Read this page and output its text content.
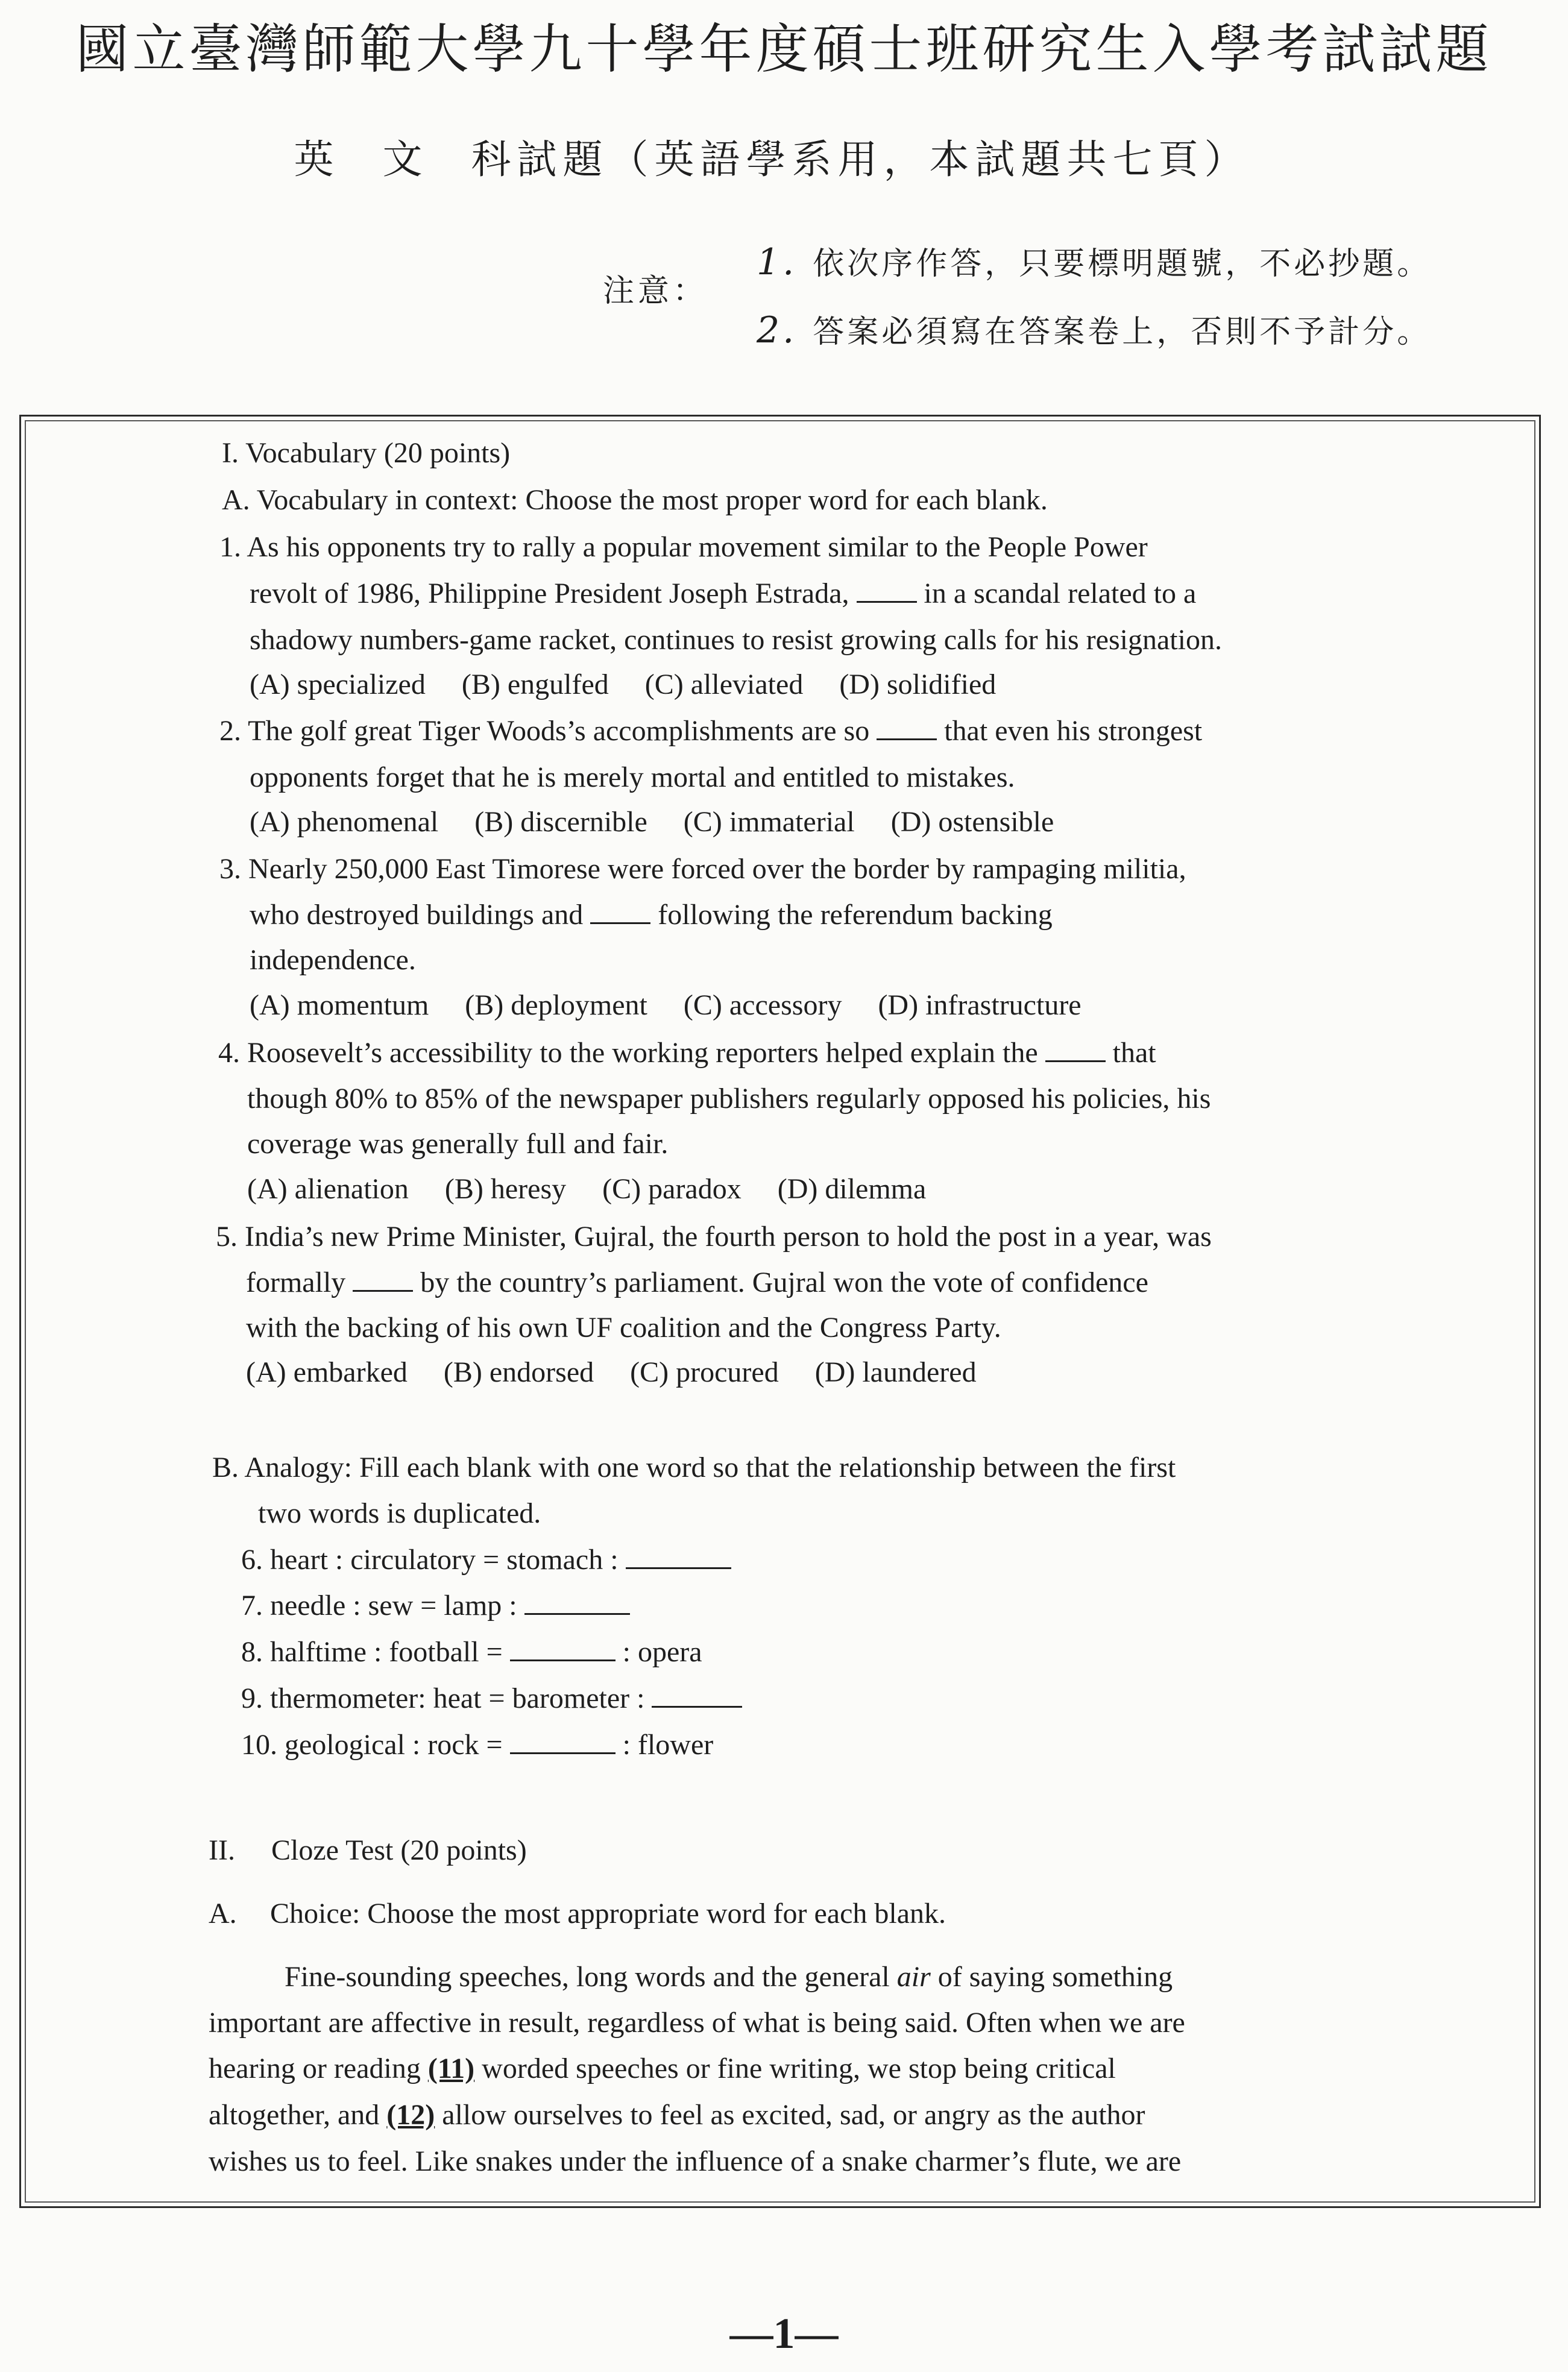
國立臺灣師範大學九十學年度碩士班研究生入學考試試題
英 文 科試題（英語學系用，本試題共七頁）
注意：
1. 依次序作答，只要標明題號，不必抄題。
2. 答案必須寫在答案卷上，否則不予計分。
I. Vocabulary (20 points)
A. Vocabulary in context: Choose the most proper word for each blank.
1. As his opponents try to rally a popular movement similar to the People Power
revolt of 1986, Philippine President Joseph Estrada,	in a scandal related to a
shadowy numbers-game racket, continues to resist growing calls for his resignation.
(A) specialized (B) engulfed (C) alleviated (D) solidified
2. The golf great Tiger Woods’s accomplishments are so	that even his strongest
opponents forget that he is merely mortal and entitled to mistakes.
(A) phenomenal (B) discernible (C) immaterial (D) ostensible
3. Nearly 250,000 East Timorese were forced over the border by rampaging militia,
who destroyed buildings and	following the referendum backing
independence.
(A) momentum (B) deployment (C) accessory (D) infrastructure
4. Roosevelt’s accessibility to the working reporters helped explain the	that
though 80% to 85% of the newspaper publishers regularly opposed his policies, his
coverage was generally full and fair.
(A) alienation (B) heresy (C) paradox (D) dilemma
5. India’s new Prime Minister, Gujral, the fourth person to hold the post in a year, was
formally	by the country’s parliament. Gujral won the vote of confidence
with the backing of his own UF coalition and the Congress Party.
(A) embarked (B) endorsed (C) procured (D) laundered
B. Analogy: Fill each blank with one word so that the relationship between the first
two words is duplicated.
6. heart : circulatory = stomach :
7. needle : sew = lamp :
8. halftime : football =	: opera
9. thermometer: heat = barometer :
10. geological : rock =	: flower
II. Cloze Test (20 points)
A. Choice: Choose the most appropriate word for each blank.
Fine-sounding speeches, long words and the general air of saying something
important are affective in result, regardless of what is being said. Often when we are
hearing or reading (11) worded speeches or fine writing, we stop being critical
altogether, and (12) allow ourselves to feel as excited, sad, or angry as the author
wishes us to feel. Like snakes under the influence of a snake charmer’s flute, we are
—1—
